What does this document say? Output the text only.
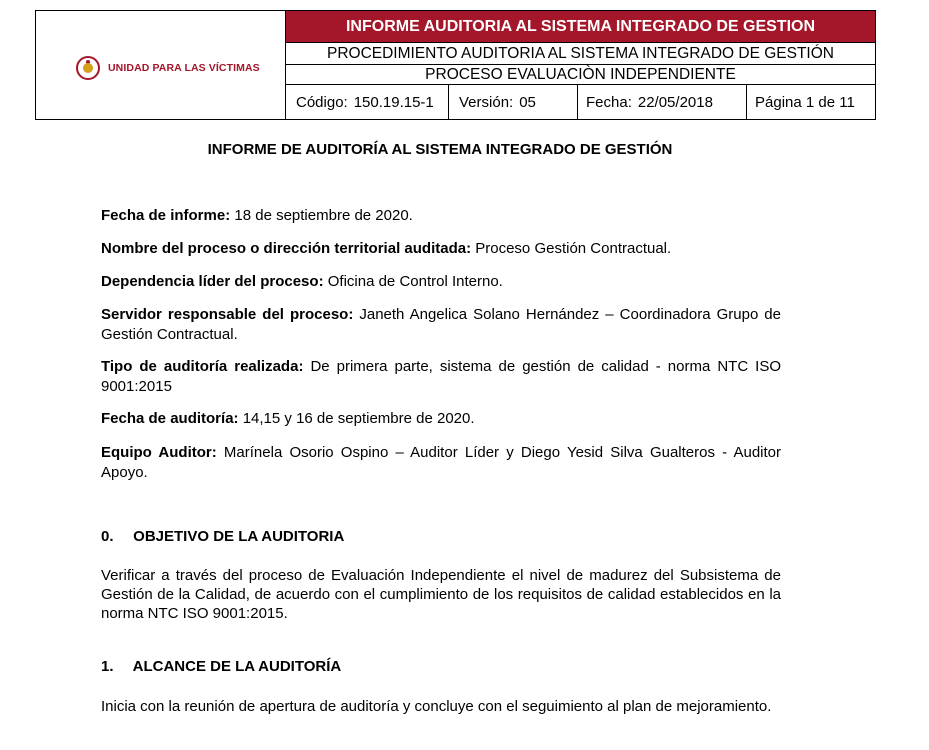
UNIDAD PARA LAS VÍCTIMAS
INFORME AUDITORIA AL SISTEMA INTEGRADO DE GESTION
PROCEDIMIENTO AUDITORIA AL SISTEMA INTEGRADO DE GESTIÓN
PROCESO EVALUACIÒN INDEPENDIENTE
Código: 150.19.15-1 Versión: 05	Fecha: 22/05/2018	Página 1 de 11
INFORME DE AUDITORÍA AL SISTEMA INTEGRADO DE GESTIÓN
Fecha de informe: 18 de septiembre de 2020.
Nombre del proceso o dirección territorial auditada: Proceso Gestión Contractual.
Dependencia líder del proceso: Oficina de Control Interno.
Servidor responsable del proceso: Janeth Angelica Solano Hernández – Coordinadora Grupo de Gestión Contractual.
Tipo de auditoría realizada: De primera parte, sistema de gestión de calidad - norma NTC ISO 9001:2015
Fecha de auditoría: 14,15 y 16 de septiembre de 2020.
Equipo Auditor: Marínela Osorio Ospino – Auditor Líder y Diego Yesid Silva Gualteros - Auditor Apoyo.
0. OBJETIVO DE LA AUDITORIA
Verificar a través del proceso de Evaluación Independiente el nivel de madurez del Subsistema de Gestión de la Calidad, de acuerdo con el cumplimiento de los requisitos de calidad establecidos en la norma NTC ISO 9001:2015.
1. ALCANCE DE LA AUDITORÍA
Inicia con la reunión de apertura de auditoría y concluye con el seguimiento al plan de mejoramiento.
